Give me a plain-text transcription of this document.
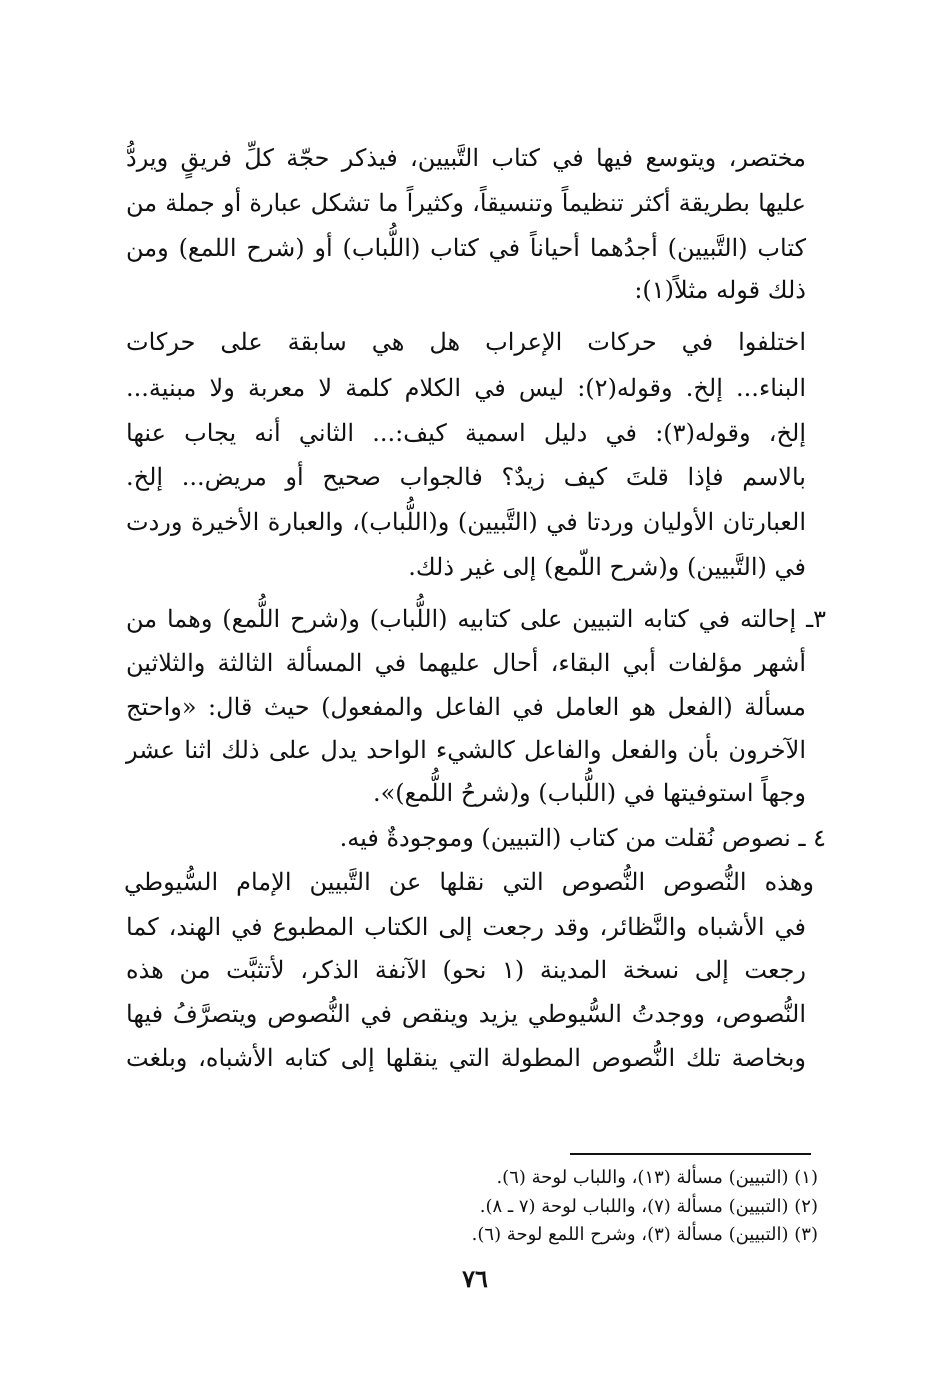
مختصر، ويتوسع فيها في كتاب التَّبيين، فيذكر حجّة كلِّ فريقٍ ويردُّ
عليها بطريقة أكثر تنظيماً وتنسيقاً، وكثيراً ما تشكل عبارة أو جملة من
كتاب (التَّبيين) أجدُهما أحياناً في كتاب (اللُّباب) أو (شرح اللمع) ومن
ذلك قوله مثلاً(١):
اختلفوا في حركات الإعراب هل هي سابقة على حركات
البناء... إلخ. وقوله(٢): ليس في الكلام كلمة لا معربة ولا مبنية...
إلخ، وقوله(٣): في دليل اسمية كيف:... الثاني أنه يجاب عنها
بالاسم فإذا قلتَ كيف زيدٌ؟ فالجواب صحيح أو مريض... إلخ.
العبارتان الأوليان وردتا في (التَّبيين) و(اللُّباب)، والعبارة الأخيرة وردت
في (التَّبيين) و(شرح اللّمع) إلى غير ذلك.
٣ـ إحالته في كتابه التبيين على كتابيه (اللُّباب) و(شرح اللُّمع) وهما من
أشهر مؤلفات أبي البقاء، أحال عليهما في المسألة الثالثة والثلاثين
مسألة (الفعل هو العامل في الفاعل والمفعول) حيث قال: «واحتج
الآخرون بأن والفعل والفاعل كالشيء الواحد يدل على ذلك اثنا عشر
وجهاً استوفيتها في (اللُّباب) و(شرحُ اللُّمع)».
٤ ـ نصوص نُقلت من كتاب (التبيين) وموجودةٌ فيه.
وهذه النُّصوص النُّصوص التي نقلها عن التَّبيين الإمام السُّيوطي
في الأشباه والنَّظائر، وقد رجعت إلى الكتاب المطبوع في الهند، كما
رجعت إلى نسخة المدينة (١ نحو) الآنفة الذكر، لأتثبَّت من هذه
النُّصوص، ووجدتُ السُّيوطي يزيد وينقص في النُّصوص ويتصرَّفُ فيها
وبخاصة تلك النُّصوص المطولة التي ينقلها إلى كتابه الأشباه، وبلغت
(١) (التبيين) مسألة (١٣)، واللباب لوحة (٦).
(٢) (التبيين) مسألة (٧)، واللباب لوحة (٧ ـ ٨).
(٣) (التبيين) مسألة (٣)، وشرح اللمع لوحة (٦).
٧٦
